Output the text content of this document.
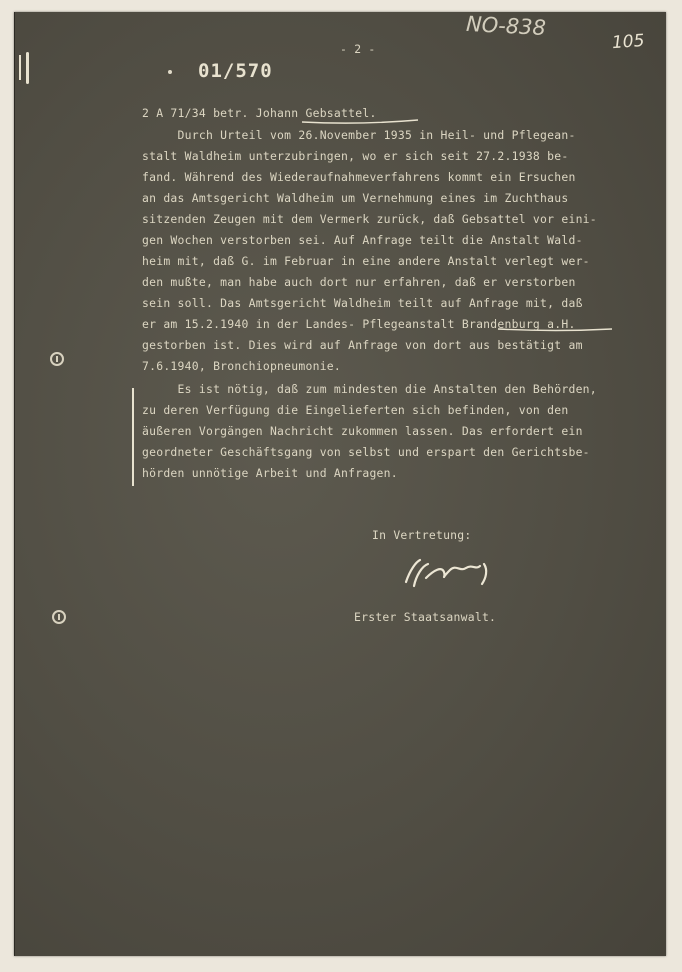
- 2 -
01/570
NO-838
105
2 A 71/34 betr. Johann Gebsattel.
Durch Urteil vom 26.November 1935 in Heil- und Pflegean-
stalt Waldheim unterzubringen, wo er sich seit 27.2.1938 be-
fand. Während des Wiederaufnahmeverfahrens kommt ein Ersuchen
an das Amtsgericht Waldheim um Vernehmung eines im Zuchthaus
sitzenden Zeugen mit dem Vermerk zurück, daß Gebsattel vor eini-
gen Wochen verstorben sei. Auf Anfrage teilt die Anstalt Wald-
heim mit, daß G. im Februar in eine andere Anstalt verlegt wer-
den mußte, man habe auch dort nur erfahren, daß er verstorben
sein soll. Das Amtsgericht Waldheim teilt auf Anfrage mit, daß
er am 15.2.1940 in der Landes- Pflegeanstalt Brandenburg a.H.
gestorben ist. Dies wird auf Anfrage von dort aus bestätigt am
7.6.1940, Bronchiopneumonie.
Es ist nötig, daß zum mindesten die Anstalten den Behörden,
zu deren Verfügung die Eingelieferten sich befinden, von den
äußeren Vorgängen Nachricht zukommen lassen. Das erfordert ein
geordneter Geschäftsgang von selbst und erspart den Gerichtsbe-
hörden unnötige Arbeit und Anfragen.
In Vertretung:
Erster Staatsanwalt.
